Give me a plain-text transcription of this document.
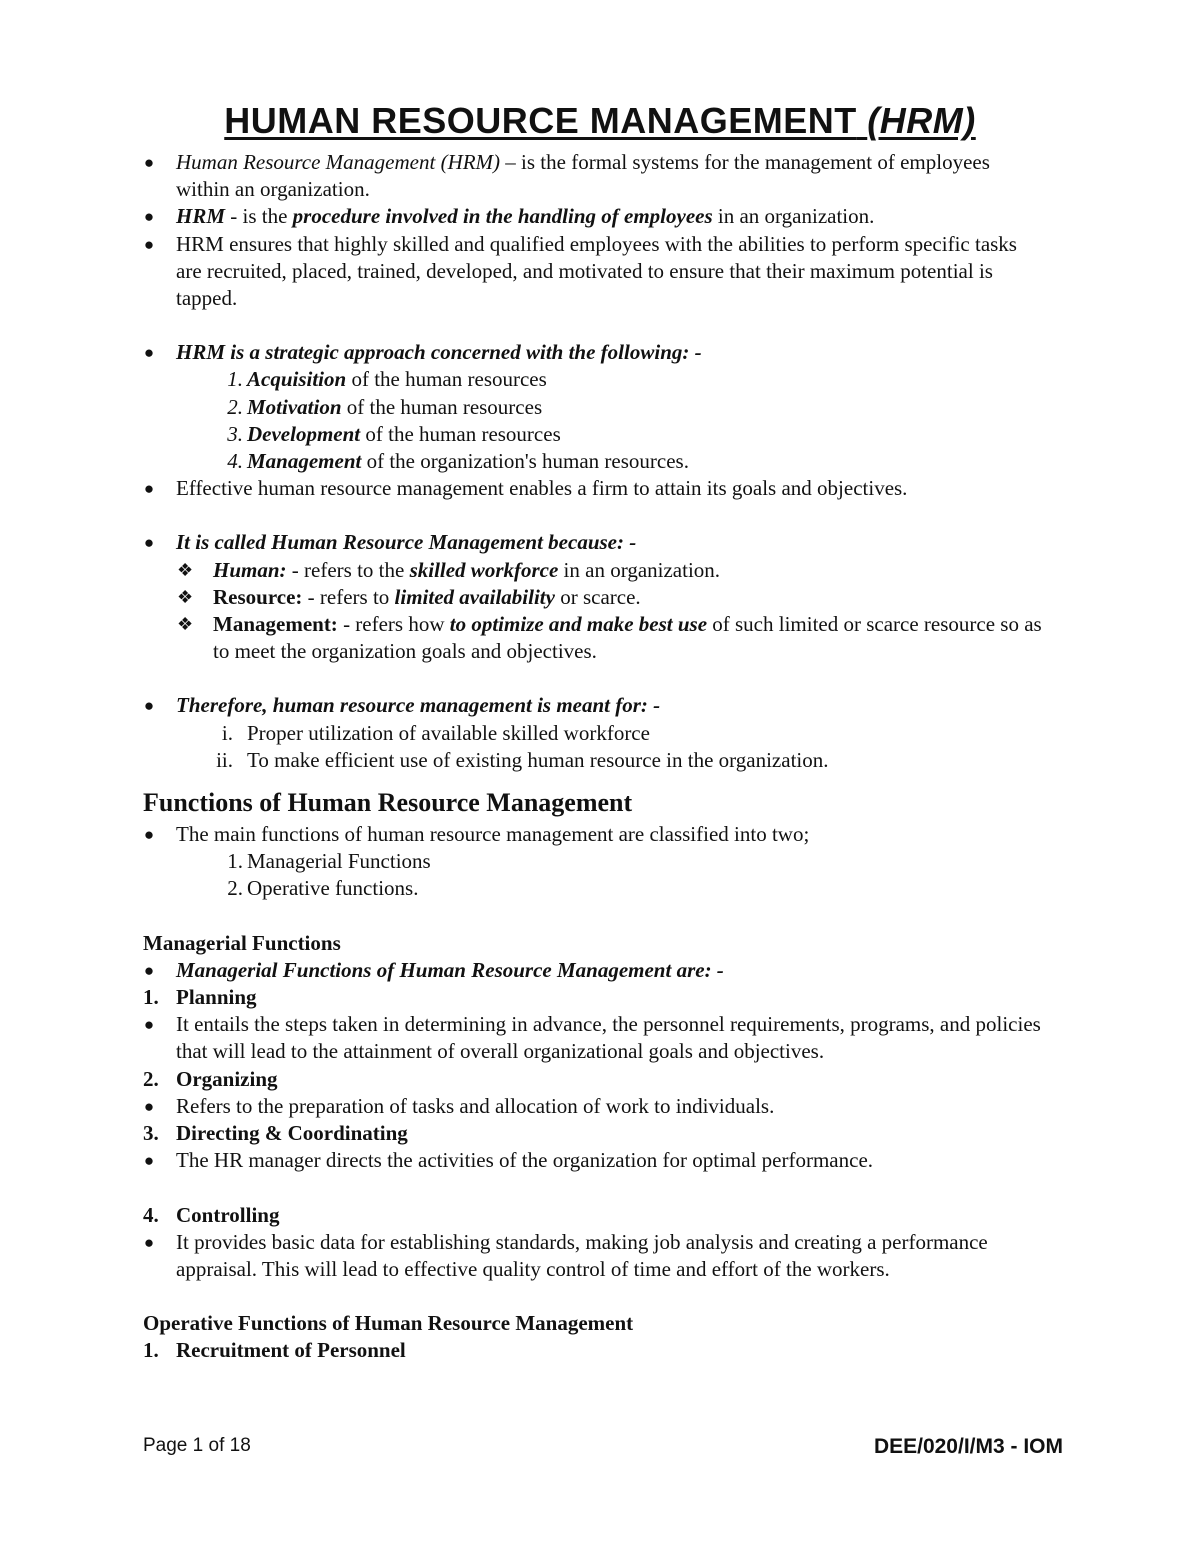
HUMAN RESOURCE MANAGEMENT (HRM)
● Human Resource Management (HRM) – is the formal systems for the management of employees within an organization.
● HRM - is the procedure involved in the handling of employees in an organization.
● HRM ensures that highly skilled and qualified employees with the abilities to perform specific tasks are recruited, placed, trained, developed, and motivated to ensure that their maximum potential is tapped.
● HRM is a strategic approach concerned with the following: -
1. Acquisition of the human resources
2. Motivation of the human resources
3. Development of the human resources
4. Management of the organization's human resources.
● Effective human resource management enables a firm to attain its goals and objectives.
● It is called Human Resource Management because: -
❖ Human: - refers to the skilled workforce in an organization.
❖ Resource: - refers to limited availability or scarce.
❖ Management: - refers how to optimize and make best use of such limited or scarce resource so as to meet the organization goals and objectives.
● Therefore, human resource management is meant for: -
i. Proper utilization of available skilled workforce
ii. To make efficient use of existing human resource in the organization.
Functions of Human Resource Management
● The main functions of human resource management are classified into two;
1. Managerial Functions
2. Operative functions.
Managerial Functions
● Managerial Functions of Human Resource Management are: -
1. Planning
● It entails the steps taken in determining in advance, the personnel requirements, programs, and policies that will lead to the attainment of overall organizational goals and objectives.
2. Organizing
● Refers to the preparation of tasks and allocation of work to individuals.
3. Directing & Coordinating
● The HR manager directs the activities of the organization for optimal performance.
4. Controlling
● It provides basic data for establishing standards, making job analysis and creating a performance appraisal. This will lead to effective quality control of time and effort of the workers.
Operative Functions of Human Resource Management
1. Recruitment of Personnel
Page 1 of 18	DEE/020/I/M3 - IOM
